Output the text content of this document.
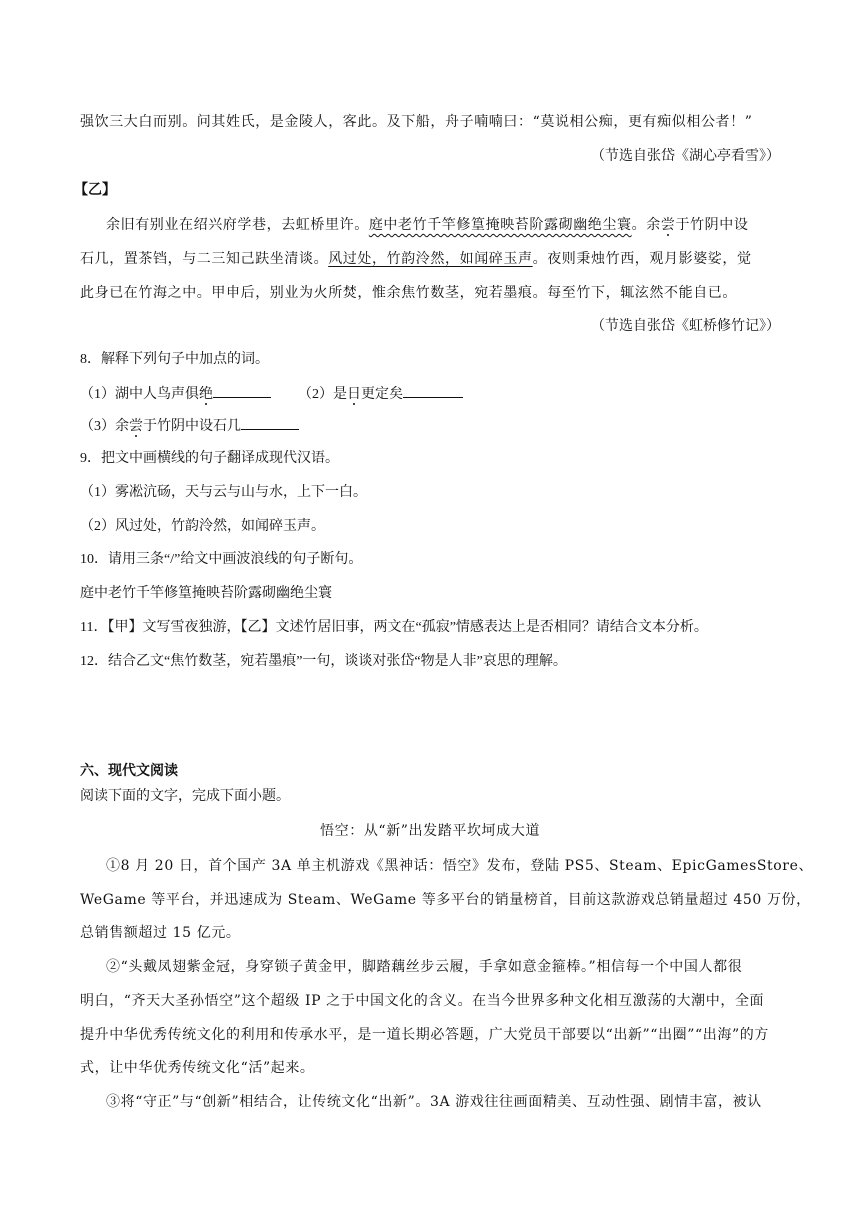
强饮三大白而别。问其姓氏，是金陵人，客此。及下船，舟子喃喃曰：“莫说相公痴，更有痴似相公者！”
（节选自张岱《湖心亭看雪》）
【乙】
余旧有别业在绍兴府学巷，去虹桥里许。庭中老竹千竿修篁掩映苔阶露砌幽绝尘寰。余尝于竹阴中设
石几，置茶铛，与二三知己趺坐清谈。风过处，竹韵泠然，如闻碎玉声。夜则秉烛竹西，观月影婆娑，觉
此身已在竹海之中。甲申后，别业为火所焚，惟余焦竹数茎，宛若墨痕。每至竹下，辄泫然不能自已。
（节选自张岱《虹桥修竹记》）
8．解释下列句子中加点的词。
（1）湖中人鸟声俱绝	（2）是日更定矣
（3）余尝于竹阴中设石几
9．把文中画横线的句子翻译成现代汉语。
（1）雾凇沆砀，天与云与山与水，上下一白。
（2）风过处，竹韵泠然，如闻碎玉声。
10．请用三条“/”给文中画波浪线的句子断句。
庭中老竹千竿修篁掩映苔阶露砌幽绝尘寰
11．【甲】文写雪夜独游，【乙】文述竹居旧事，两文在“孤寂”情感表达上是否相同？请结合文本分析。
12．结合乙文“焦竹数茎，宛若墨痕”一句，谈谈对张岱“物是人非”哀思的理解。
六、现代文阅读
阅读下面的文字，完成下面小题。
悟空：从“新”出发踏平坎坷成大道
①8 月 20 日，首个国产 3A 单主机游戏《黑神话：悟空》发布，登陆 PS5、Steam、EpicGamesStore、
WeGame 等平台，并迅速成为 Steam、WeGame 等多平台的销量榜首，目前这款游戏总销量超过 450 万份，
总销售额超过 15 亿元。
②“头戴凤翅紫金冠，身穿锁子黄金甲，脚踏藕丝步云履，手拿如意金箍棒。”相信每一个中国人都很
明白，“齐天大圣孙悟空”这个超级 IP 之于中国文化的含义。在当今世界多种文化相互激荡的大潮中，全面
提升中华优秀传统文化的利用和传承水平，是一道长期必答题，广大党员干部要以“出新”“出圈”“出海”的方
式，让中华优秀传统文化“活”起来。
③将“守正”与“创新”相结合，让传统文化“出新”。3A 游戏往往画面精美、互动性强、剧情丰富，被认
